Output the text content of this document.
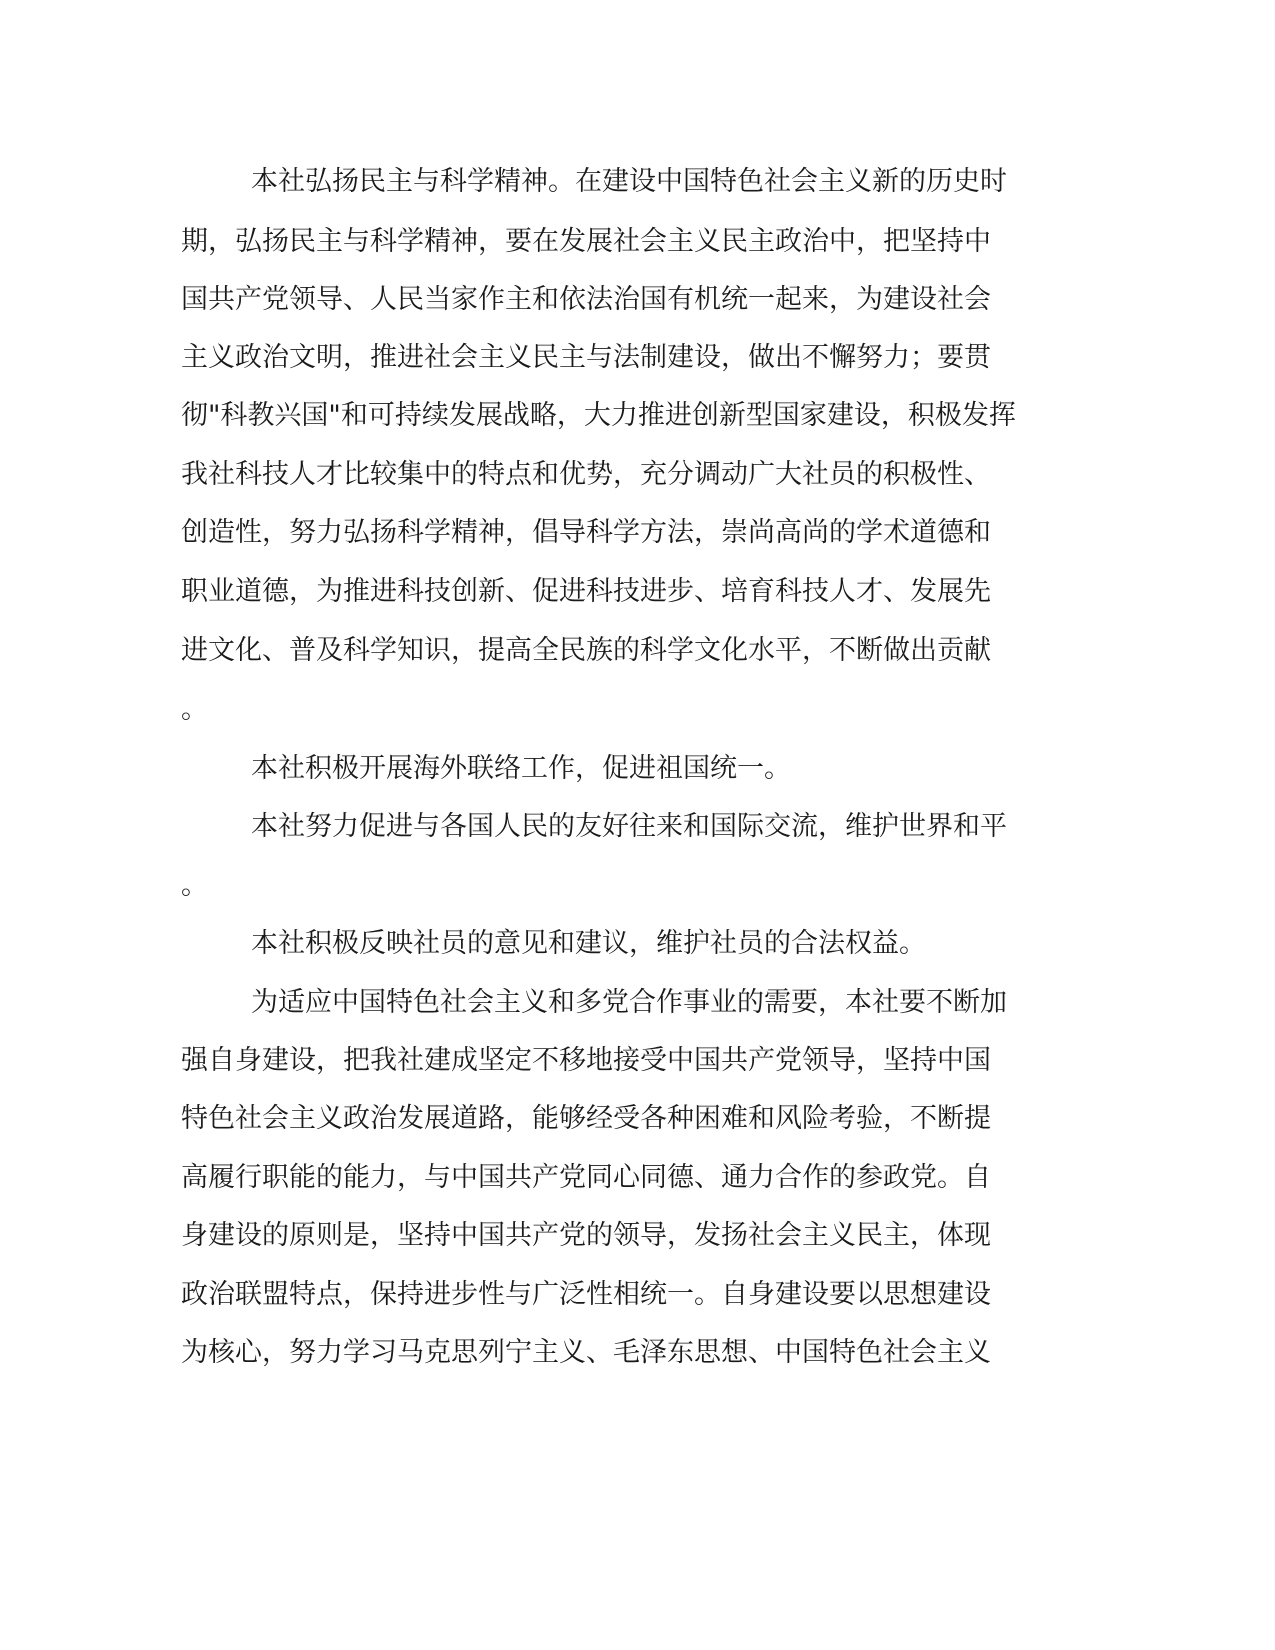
本社弘扬民主与科学精神。在建设中国特色社会主义新的历史时
期，弘扬民主与科学精神，要在发展社会主义民主政治中，把坚持中
国共产党领导、人民当家作主和依法治国有机统一起来，为建设社会
主义政治文明，推进社会主义民主与法制建设，做出不懈努力；要贯
彻"科教兴国"和可持续发展战略，大力推进创新型国家建设，积极发挥
我社科技人才比较集中的特点和优势，充分调动广大社员的积极性、
创造性，努力弘扬科学精神，倡导科学方法，崇尚高尚的学术道德和
职业道德，为推进科技创新、促进科技进步、培育科技人才、发展先
进文化、普及科学知识，提高全民族的科学文化水平，不断做出贡献
。
本社积极开展海外联络工作，促进祖国统一。
本社努力促进与各国人民的友好往来和国际交流，维护世界和平
。
本社积极反映社员的意见和建议，维护社员的合法权益。
为适应中国特色社会主义和多党合作事业的需要，本社要不断加
强自身建设，把我社建成坚定不移地接受中国共产党领导，坚持中国
特色社会主义政治发展道路，能够经受各种困难和风险考验，不断提
高履行职能的能力，与中国共产党同心同德、通力合作的参政党。自
身建设的原则是，坚持中国共产党的领导，发扬社会主义民主，体现
政治联盟特点，保持进步性与广泛性相统一。自身建设要以思想建设
为核心，努力学习马克思列宁主义、毛泽东思想、中国特色社会主义
